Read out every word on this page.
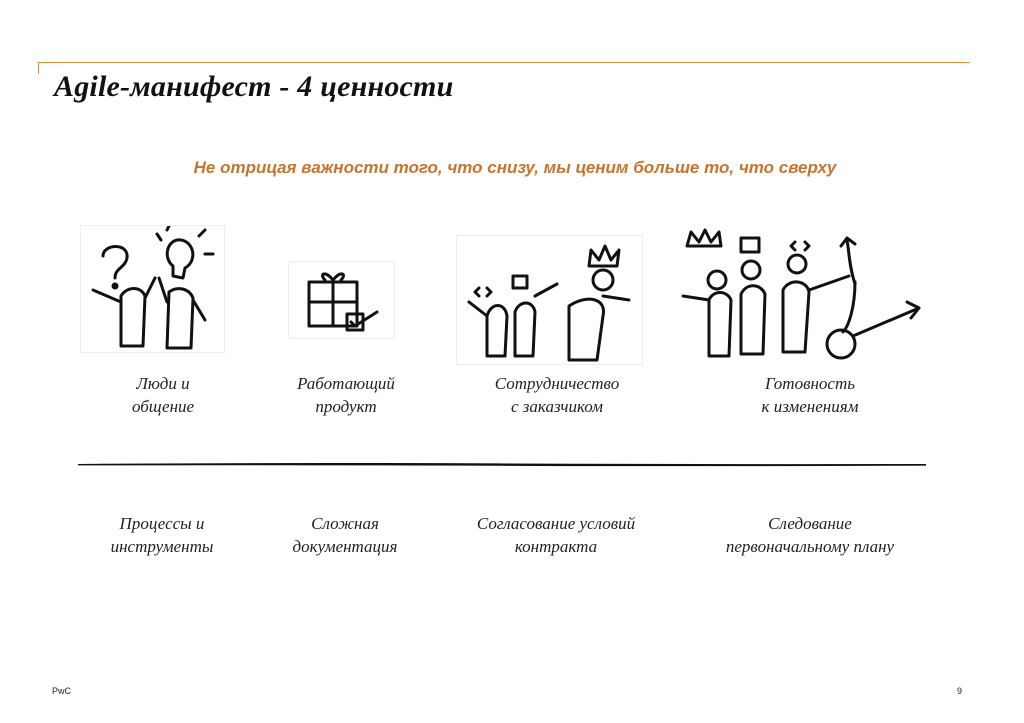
Agile-манифест - 4 ценности
Не отрицая важности того, что снизу, мы ценим больше то, что сверху
Люди и
общение
Работающий
продукт
Сотрудничество
с заказчиком
Готовность
к изменениям
Процессы и
инструменты
Сложная
документация
Согласование условий
контракта
Следование
первоначальному плану
PwC	9
